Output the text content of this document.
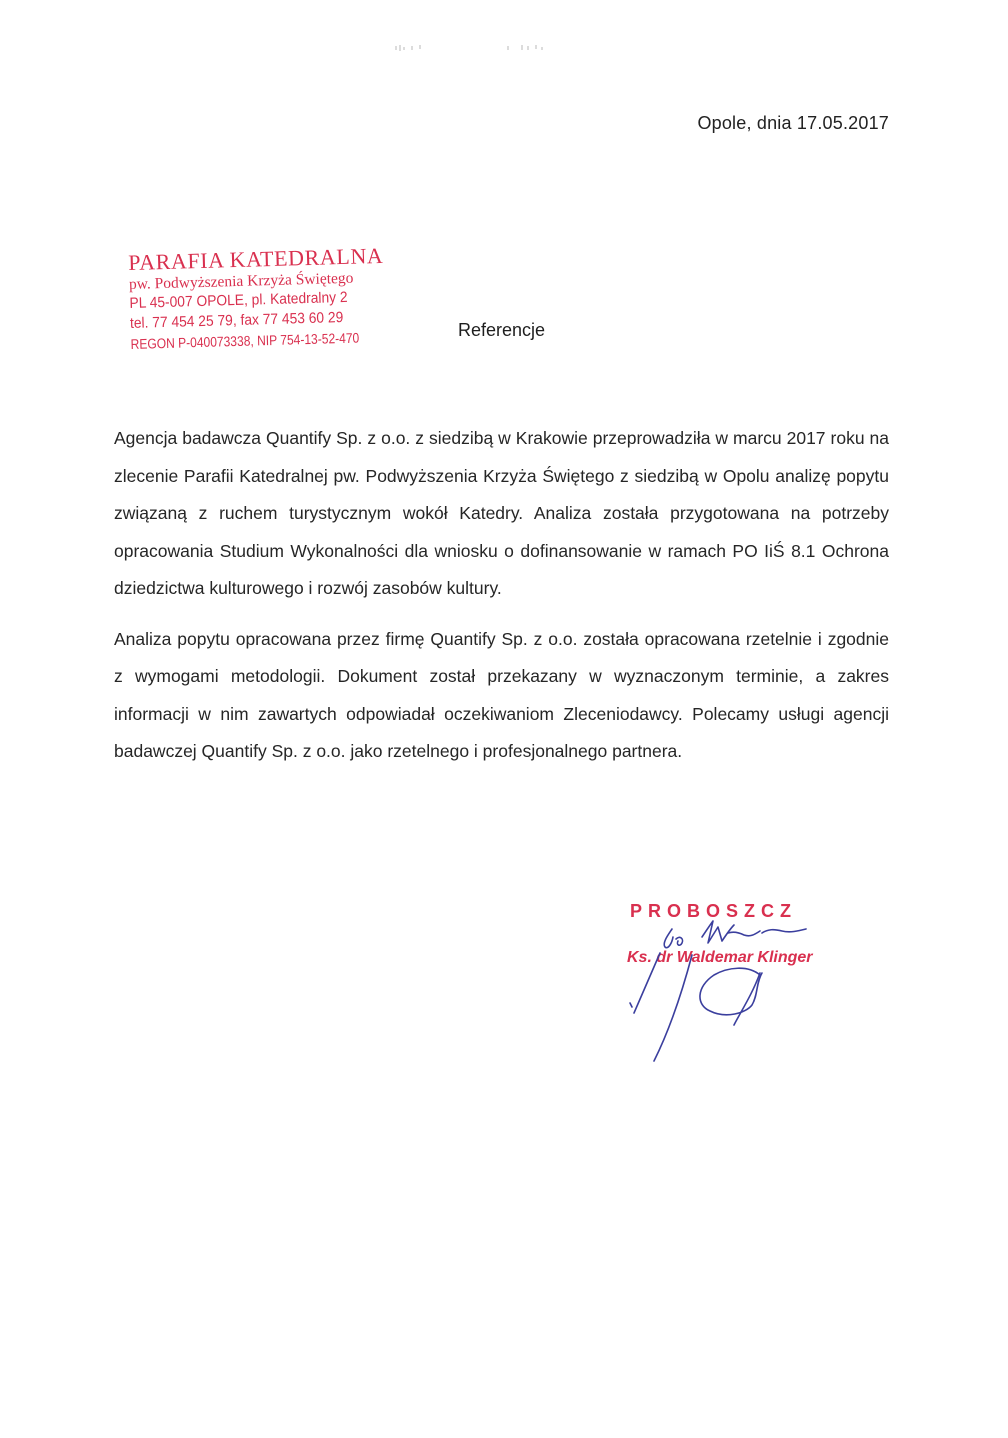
Opole, dnia 17.05.2017
PARAFIA KATEDRALNA
pw. Podwyższenia Krzyża Świętego
PL 45-007 OPOLE, pl. Katedralny 2
tel. 77 454 25 79, fax 77 453 60 29
REGON P-040073338, NIP 754-13-52-470	Referencje

Agencja badawcza Quantify Sp. z o.o. z siedzibą w Krakowie przeprowadziła w marcu 2017 roku na zlecenie Parafii Katedralnej pw. Podwyższenia Krzyża Świętego z siedzibą w Opolu analizę popytu związaną z ruchem turystycznym wokół Katedry. Analiza została przygotowana na potrzeby opracowania Studium Wykonalności dla wniosku o dofinansowanie w ramach PO IiŚ 8.1 Ochrona dziedzictwa kulturowego i rozwój zasobów kultury.

Analiza popytu opracowana przez firmę Quantify Sp. z o.o. została opracowana rzetelnie i zgodnie z wymogami metodologii. Dokument został przekazany w wyznaczonym terminie, a zakres informacji w nim zawartych odpowiadał oczekiwaniom Zleceniodawcy. Polecamy usługi agencji badawczej Quantify Sp. z o.o. jako rzetelnego i profesjonalnego partnera.

PROBOSZCZ
Ks. dr Waldemar Klinger
